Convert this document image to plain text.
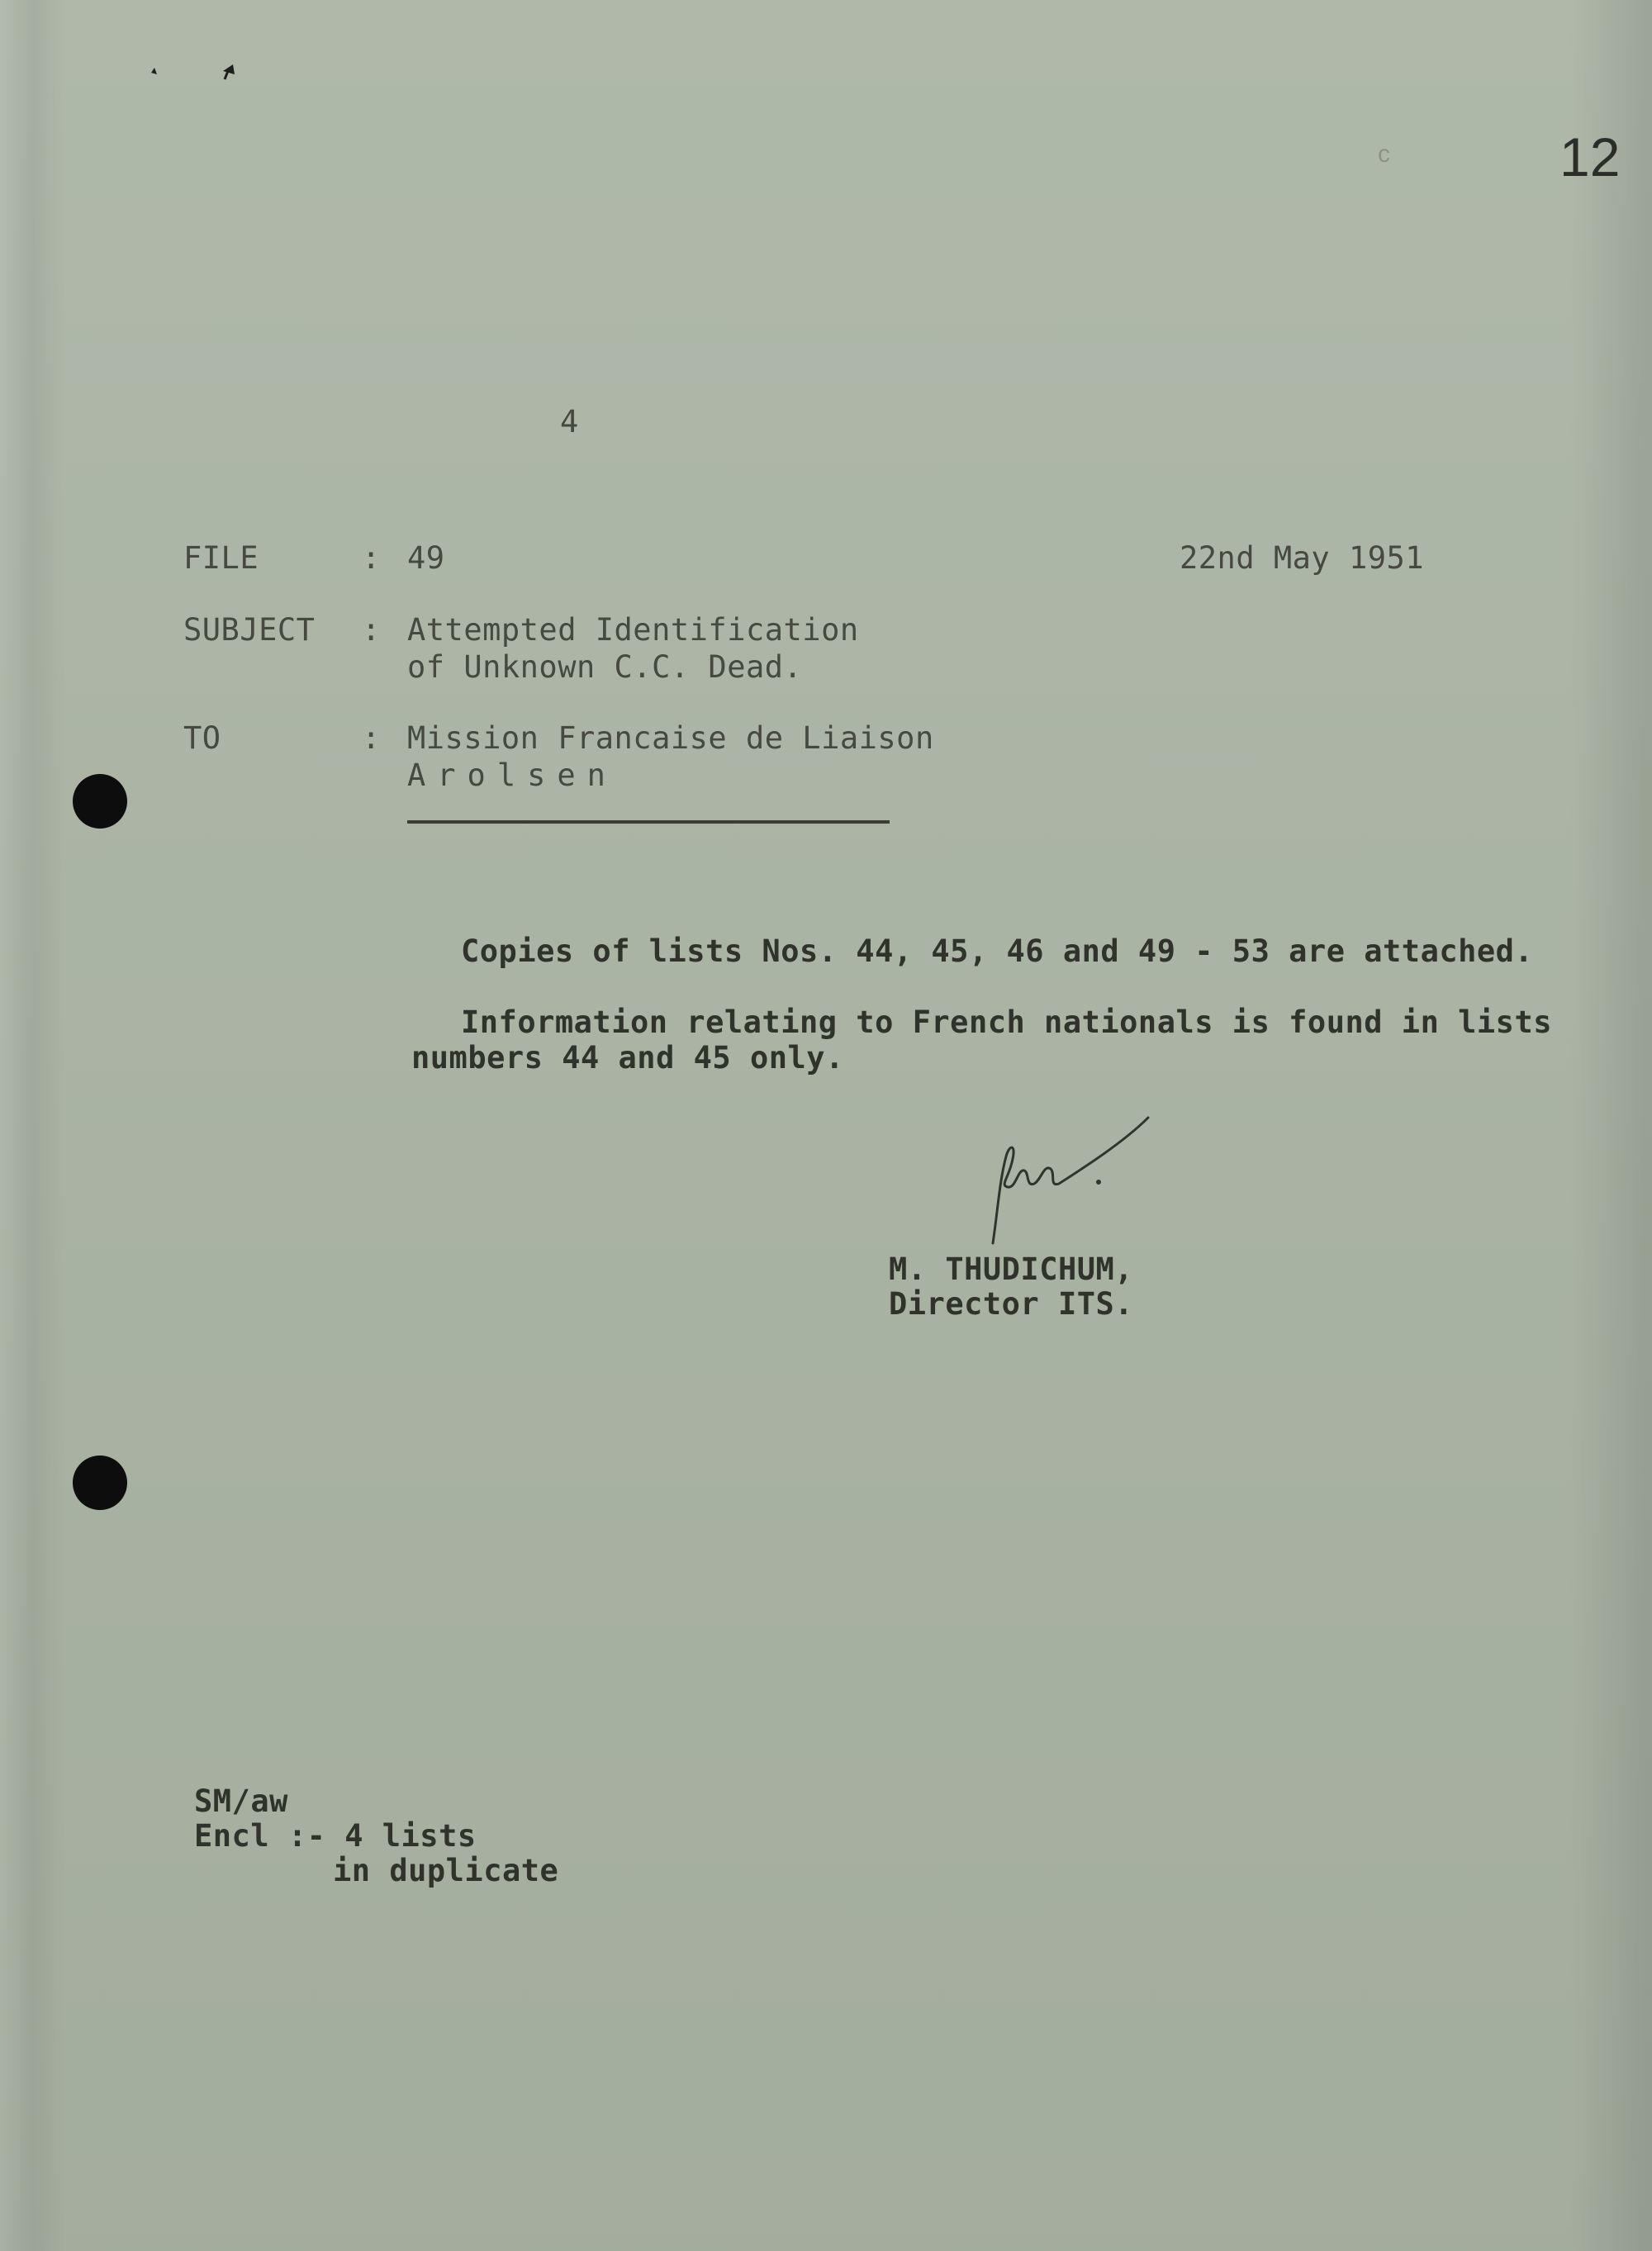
c	12
4
FILE	: 49	22nd May 1951
SUBJECT : Attempted Identification
of Unknown C.C. Dead.
TO	: Mission Francaise de Liaison
Arolsen
Copies of lists Nos. 44, 45, 46 and 49 - 53 are attached.
Information relating to French nationals is found in lists
numbers 44 and 45 only.
M. THUDICHUM,
Director ITS.
SM/aw
Encl :- 4 lists
in duplicate
